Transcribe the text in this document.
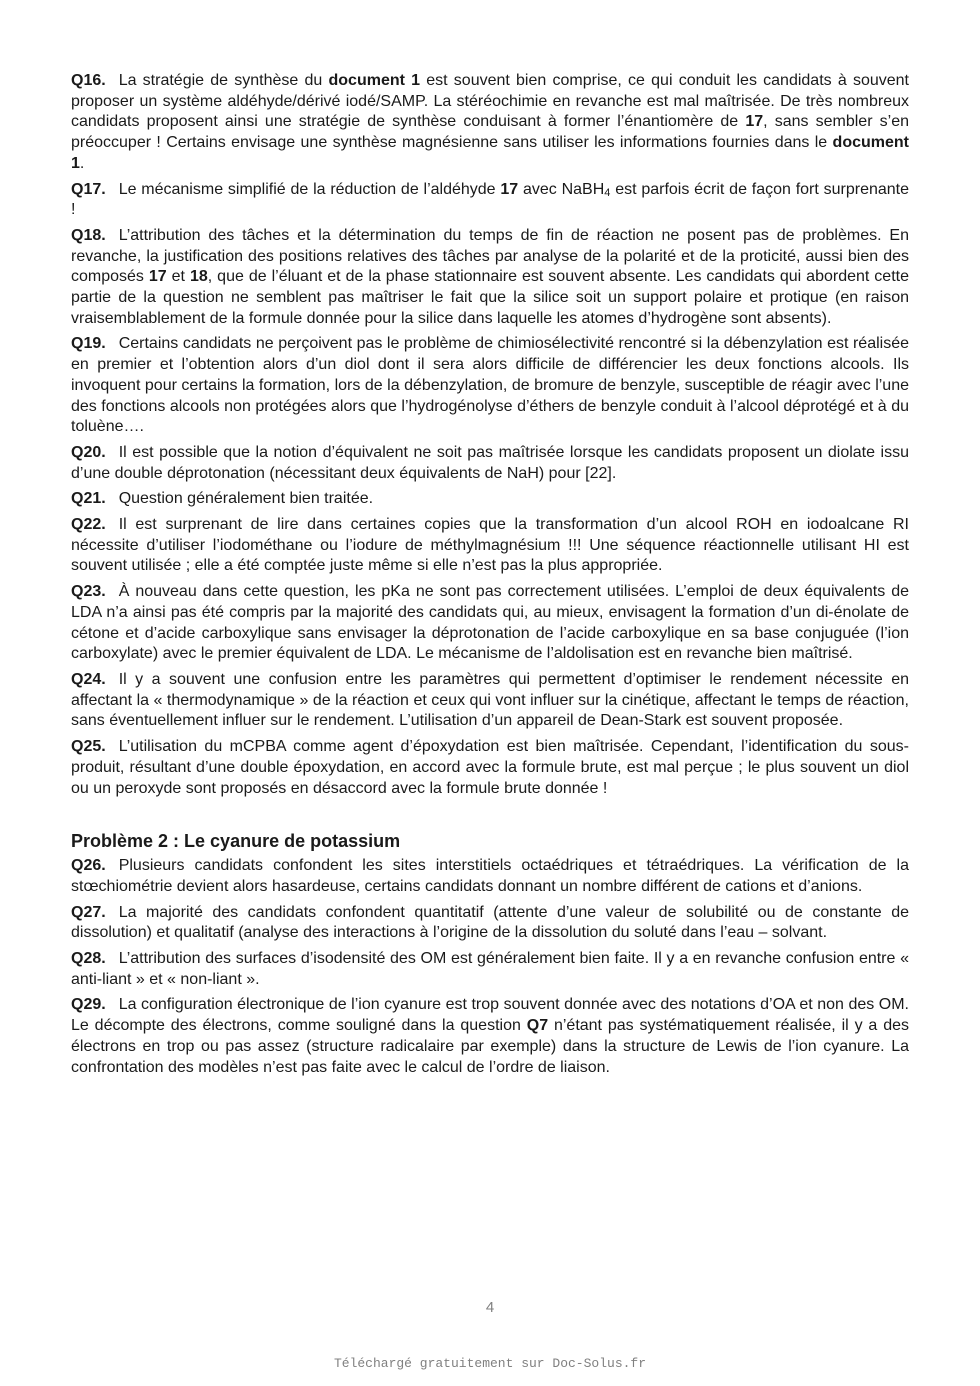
Q16. La stratégie de synthèse du document 1 est souvent bien comprise, ce qui conduit les candidats à souvent proposer un système aldéhyde/dérivé iodé/SAMP. La stéréochimie en revanche est mal maîtrisée. De très nombreux candidats proposent ainsi une stratégie de synthèse conduisant à former l’énantiomère de 17, sans sembler s’en préoccuper ! Certains envisage une synthèse magnésienne sans utiliser les informations fournies dans le document 1.

Q17. Le mécanisme simplifié de la réduction de l’aldéhyde 17 avec NaBH$_4$ est parfois écrit de façon fort surprenante !

Q18. L’attribution des tâches et la détermination du temps de fin de réaction ne posent pas de problèmes. En revanche, la justification des positions relatives des tâches par analyse de la polarité et de la proticité, aussi bien des composés 17 et 18, que de l’éluant et de la phase stationnaire est souvent absente. Les candidats qui abordent cette partie de la question ne semblent pas maîtriser le fait que la silice soit un support polaire et protique (en raison vraisemblablement de la formule donnée pour la silice dans laquelle les atomes d’hydrogène sont absents).

Q19. Certains candidats ne perçoivent pas le problème de chimiosélectivité rencontré si la débenzylation est réalisée en premier et l’obtention alors d’un diol dont il sera alors difficile de différencier les deux fonctions alcools. Ils invoquent pour certains la formation, lors de la débenzylation, de bromure de benzyle, susceptible de réagir avec l’une des fonctions alcools non protégées alors que l’hydrogénolyse d’éthers de benzyle conduit à l’alcool déprotégé et à du toluène….

Q20. Il est possible que la notion d’équivalent ne soit pas maîtrisée lorsque les candidats proposent un diolate issu d’une double déprotonation (nécessitant deux équivalents de NaH) pour [22].

Q21. Question généralement bien traitée.

Q22. Il est surprenant de lire dans certaines copies que la transformation d’un alcool ROH en iodoalcane RI nécessite d’utiliser l’iodométhane ou l’iodure de méthylmagnésium !!! Une séquence réactionnelle utilisant HI est souvent utilisée ; elle a été comptée juste même si elle n’est pas la plus appropriée.

Q23. À nouveau dans cette question, les pKa ne sont pas correctement utilisées. L’emploi de deux équivalents de LDA n’a ainsi pas été compris par la majorité des candidats qui, au mieux, envisagent la formation d’un di-énolate de cétone et d’acide carboxylique sans envisager la déprotonation de l’acide carboxylique en sa base conjuguée (l’ion carboxylate) avec le premier équivalent de LDA. Le mécanisme de l’aldolisation est en revanche bien maîtrisé.

Q24. Il y a souvent une confusion entre les paramètres qui permettent d’optimiser le rendement nécessite en affectant la « thermodynamique » de la réaction et ceux qui vont influer sur la cinétique, affectant le temps de réaction, sans éventuellement influer sur le rendement. L’utilisation d’un appareil de Dean-Stark est souvent proposée.

Q25. L’utilisation du mCPBA comme agent d’époxydation est bien maîtrisée. Cependant, l’identification du sous-produit, résultant d’une double époxydation, en accord avec la formule brute, est mal perçue ; le plus souvent un diol ou un peroxyde sont proposés en désaccord avec la formule brute donnée !

Problème 2 : Le cyanure de potassium

Q26. Plusieurs candidats confondent les sites interstitiels octaédriques et tétraédriques. La vérification de la stœchiométrie devient alors hasardeuse, certains candidats donnant un nombre différent de cations et d’anions.

Q27. La majorité des candidats confondent quantitatif (attente d’une valeur de solubilité ou de constante de dissolution) et qualitatif (analyse des interactions à l’origine de la dissolution du soluté dans l’eau – solvant.

Q28. L’attribution des surfaces d’isodensité des OM est généralement bien faite. Il y a en revanche confusion entre « anti-liant » et « non-liant ».

Q29. La configuration électronique de l’ion cyanure est trop souvent donnée avec des notations d’OA et non des OM. Le décompte des électrons, comme souligné dans la question Q7 n’étant pas systématiquement réalisée, il y a des électrons en trop ou pas assez (structure radicalaire par exemple) dans la structure de Lewis de l’ion cyanure. La confrontation des modèles n’est pas faite avec le calcul de l’ordre de liaison.

4
Téléchargé gratuitement sur Doc-Solus.fr
